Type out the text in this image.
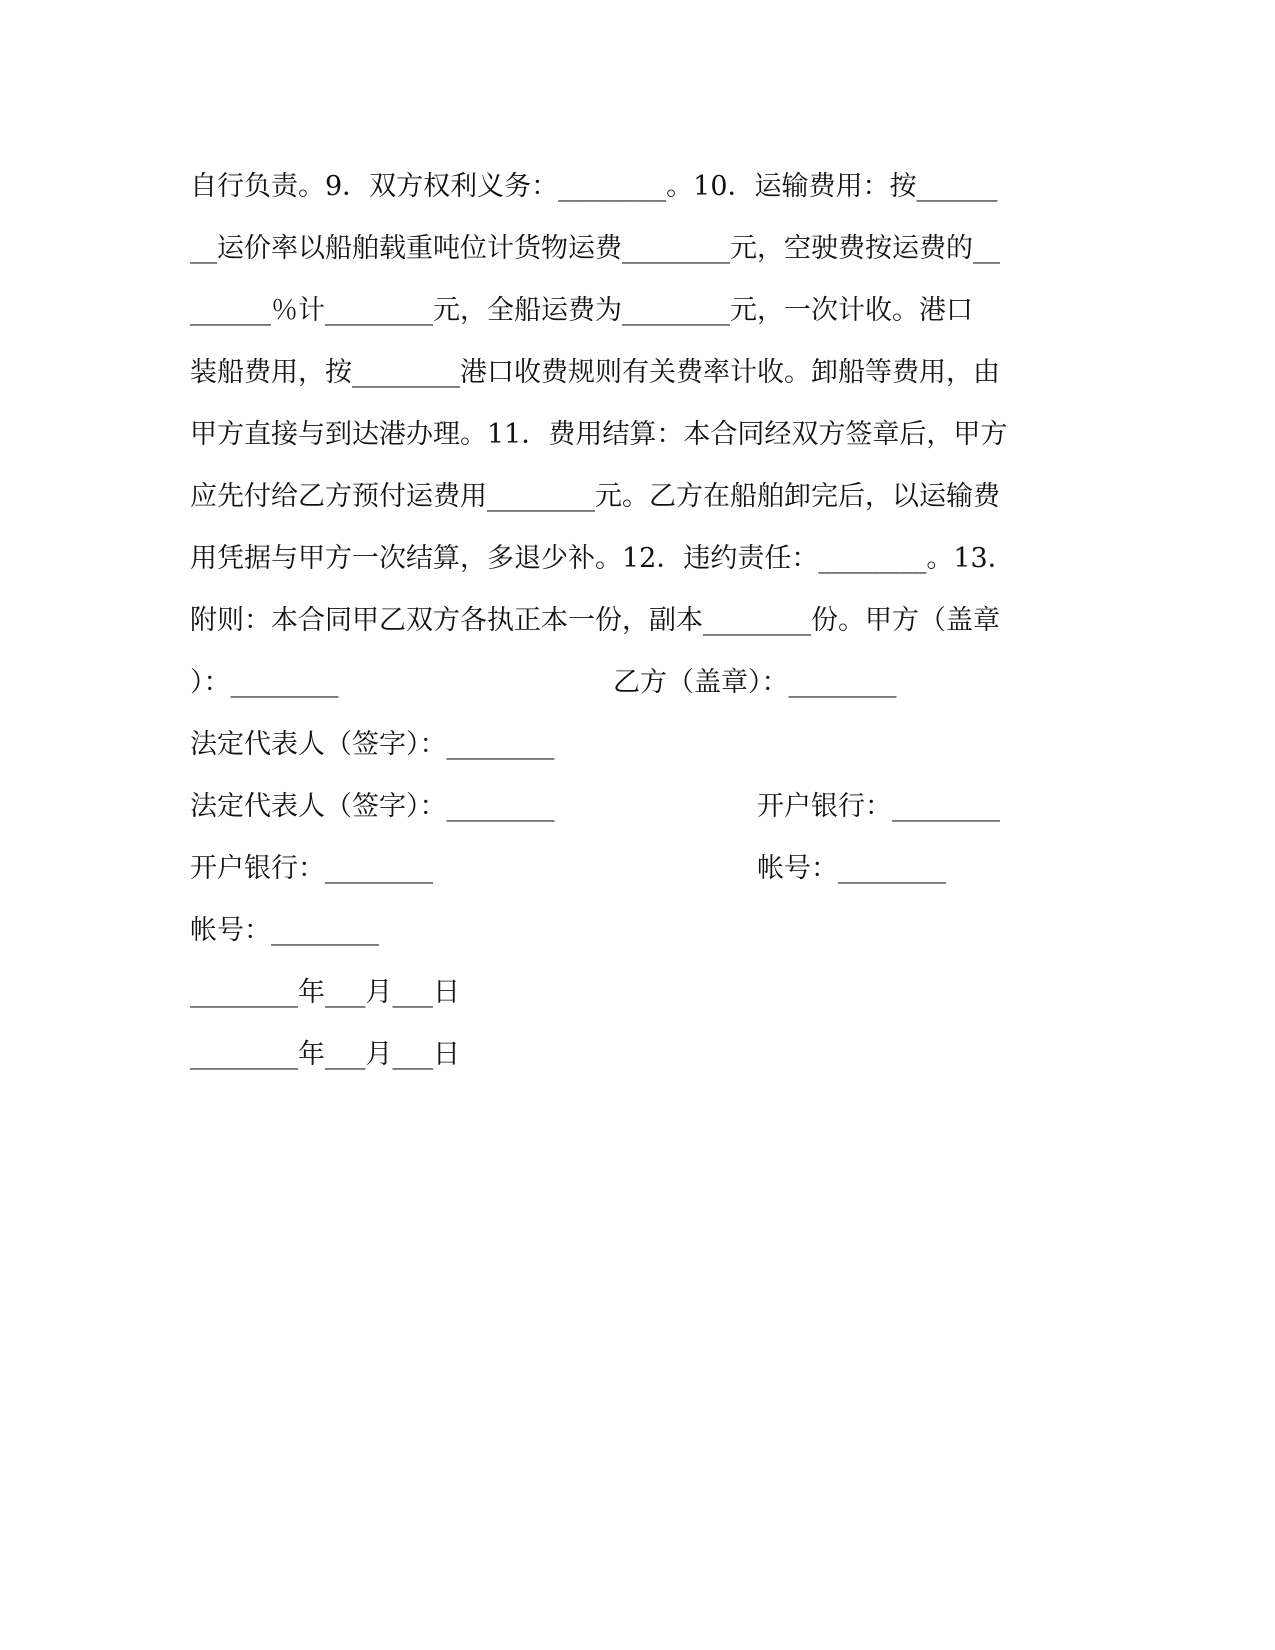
自行负责。9．双方权利义务：________。10．运输费用：按______
__运价率以船舶载重吨位计货物运费________元，空驶费按运费的__
______％计________元，全船运费为________元，一次计收。港口
装船费用，按________港口收费规则有关费率计收。卸船等费用，由
甲方直接与到达港办理。11．费用结算：本合同经双方签章后，甲方
应先付给乙方预付运费用________元。乙方在船舶卸完后，以运输费
用凭据与甲方一次结算，多退少补。12．违约责任：________。13．
附则：本合同甲乙双方各执正本一份，副本________份。甲方（盖章
）：________	乙方（盖章）：________
法定代表人（签字）：________
法定代表人（签字）：________	开户银行：________
开户银行：________	帐号：________
帐号：________
________年___月___日
________年___月___日
